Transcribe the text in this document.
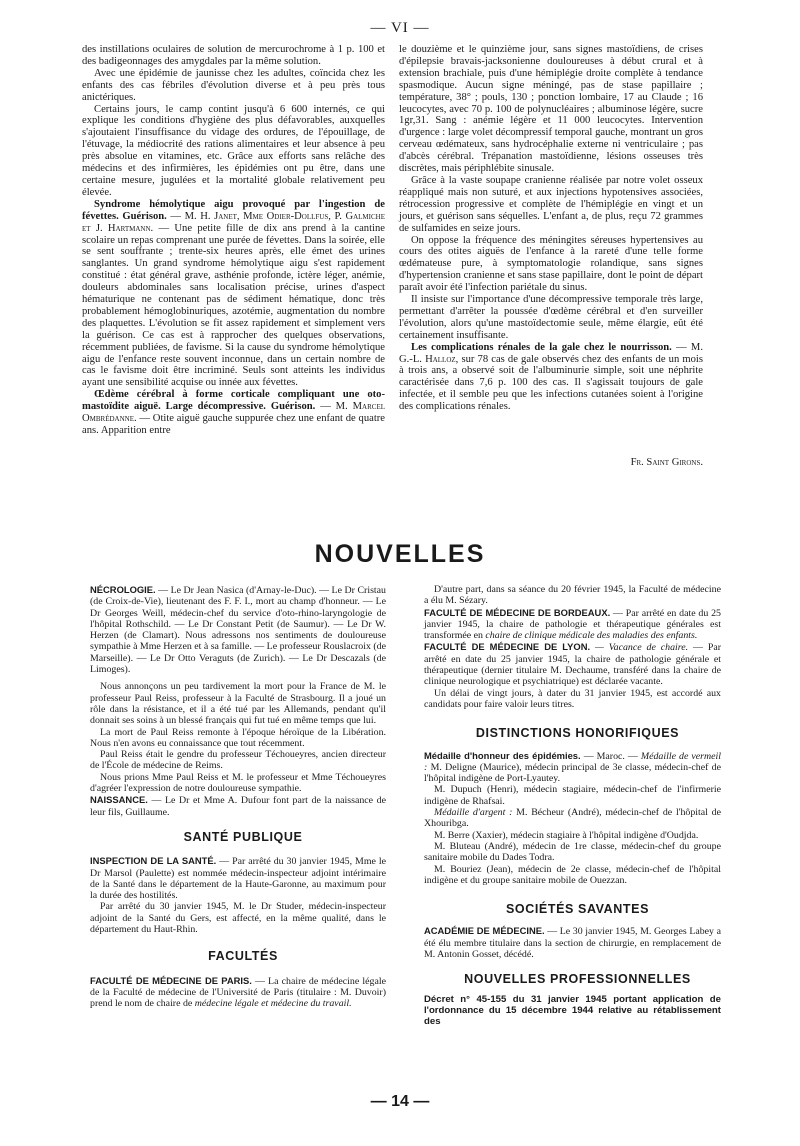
— VI —

des instillations oculaires de solution de mercurochrome à 1 p. 100 et des badigeonnages des amygdales par la même solution.

Avec une épidémie de jaunisse chez les adultes, coïncida chez les enfants des cas fébriles d'évolution diverse et à peu près tous anictériques.

Certains jours, le camp contint jusqu'à 6 600 internés, ce qui explique les conditions d'hygiène des plus défavorables, auxquelles s'ajoutaient l'insuffisance du vidage des ordures, de l'épouillage, de l'étuvage, la médiocrité des rations alimentaires et leur absence à peu près absolue en vitamines, etc. Grâce aux efforts sans relâche des médecins et des infirmières, les épidémies ont pu être, dans une certaine mesure, jugulées et la mortalité globale relativement peu élevée.

Syndrome hémolytique aigu provoqué par l'ingestion de févettes. Guérison. — M. H. Janet, Mme Odier-Dollfus, P. Galmiche et J. Hartmann. — Une petite fille de dix ans prend à la cantine scolaire un repas comprenant une purée de févettes. Dans la soirée, elle se sent souffrante ; trente-six heures après, elle émet des urines sanglantes. Un grand syndrome hémolytique aigu s'est rapidement constitué : état général grave, asthénie profonde, ictère léger, anémie, douleurs abdominales sans localisation précise, urines d'aspect hématurique ne contenant pas de sédiment hématique, donc très probablement hémoglobinuriques, azotémie, augmentation du nombre des plaquettes. L'évolution se fit assez rapidement et simplement vers la guérison. Ce cas est à rapprocher des quelques observations, récemment publiées, de favisme. Si la cause du syndrome hémolytique aigu de l'enfance reste souvent inconnue, dans un certain nombre de cas le favisme doit être incriminé. Seuls sont atteints les individus ayant une sensibilité acquise ou innée aux févettes.

Œdème cérébral à forme corticale compliquant une oto-mastoïdite aiguë. Large décompressive. Guérison. — M. Marcel Ombrédanne. — Otite aiguë gauche suppurée chez une enfant de quatre ans. Apparition entre

le douzième et le quinzième jour, sans signes mastoïdiens, de crises d'épilepsie bravais-jacksonienne douloureuses à début crural et à extension brachiale, puis d'une hémiplégie droite complète à tendance spasmodique. Aucun signe méningé, pas de stase papillaire ; température, 38° ; pouls, 130 ; ponction lombaire, 17 au Claude ; 16 leucocytes, avec 70 p. 100 de polynucléaires ; albuminose légère, sucre 1gr,31. Sang : anémie légère et 11 000 leucocytes. Intervention d'urgence : large volet décompressif temporal gauche, montrant un gros cerveau œdémateux, sans hydrocéphalie externe ni ventriculaire ; pas d'abcès cérébral. Trépanation mastoïdienne, lésions osseuses très discrètes, mais périphlébite sinusale.

Grâce à la vaste soupape cranienne réalisée par notre volet osseux réappliqué mais non suturé, et aux injections hypotensives associées, rétrocession progressive et complète de l'hémiplégie en vingt et un jours, et guérison sans séquelles. L'enfant a, de plus, reçu 72 grammes de sulfamides en seize jours.

On oppose la fréquence des méningites séreuses hypertensives au cours des otites aiguës de l'enfance à la rareté d'une telle forme œdémateuse pure, à symptomatologie rolandique, sans signes d'hypertension cranienne et sans stase papillaire, dont le point de départ paraît avoir été l'infection pariétale du sinus.

Il insiste sur l'importance d'une décompressive temporale très large, permettant d'arrêter la poussée d'œdème cérébral et d'en surveiller l'évolution, alors qu'une mastoïdectomie seule, même élargie, eût été certainement insuffisante.

Les complications rénales de la gale chez le nourrisson. — M. G.-L. Halloz, sur 78 cas de gale observés chez des enfants de un mois à trois ans, a observé soit de l'albuminurie simple, soit une néphrite caractérisée dans 7,6 p. 100 des cas. Il s'agissait toujours de gale infectée, et il semble peu que les infections cutanées soient à l'origine des complications rénales.

Fr. Saint Girons.
NOUVELLES

NÉCROLOGIE. — Le Dr Jean Nasica (d'Arnay-le-Duc). — Le Dr Cristau (de Croix-de-Vie), lieutenant des F. F. I., mort au champ d'honneur. — Le Dr Georges Weill, médecin-chef du service d'oto-rhino-laryngologie de l'hôpital Rothschild. — Le Dr Constant Petit (de Saumur). — Le Dr W. Herzen (de Clamart). Nous adressons nos sentiments de douloureuse sympathie à Mme Herzen et à sa famille. — Le professeur Rouslacroix (de Marseille). — Le Dr Otto Veraguts (de Zurich). — Le Dr Descazals (de Limoges).

Nous annonçons un peu tardivement la mort pour la France de M. le professeur Paul Reiss, professeur à la Faculté de Strasbourg. Il a joué un rôle dans la résistance, et il a été tué par les Allemands, pendant qu'il donnait ses soins à un blessé français qui fut tué en même temps que lui.

La mort de Paul Reiss remonte à l'époque héroïque de la Libération. Nous n'en avons eu connaissance que tout récemment.

Paul Reiss était le gendre du professeur Téchoueyres, ancien directeur de l'École de médecine de Reims.

Nous prions Mme Paul Reiss et M. le professeur et Mme Téchoueyres d'agréer l'expression de notre douloureuse sympathie.

NAISSANCE. — Le Dr et Mme A. Dufour font part de la naissance de leur fils, Guillaume.

SANTÉ PUBLIQUE

INSPECTION DE LA SANTÉ. — Par arrêté du 30 janvier 1945, Mme le Dr Marsol (Paulette) est nommée médecin-inspecteur adjoint intérimaire de la Santé dans le département de la Haute-Garonne, au maximum pour la durée des hostilités.

Par arrêté du 30 janvier 1945, M. le Dr Studer, médecin-inspecteur adjoint de la Santé du Gers, est affecté, en la même qualité, dans le département du Haut-Rhin.

FACULTÉS

FACULTÉ DE MÉDECINE DE PARIS. — La chaire de médecine légale de la Faculté de médecine de l'Université de Paris (titulaire : M. Duvoir) prend le nom de chaire de médecine légale et médecine du travail.

D'autre part, dans sa séance du 20 février 1945, la Faculté de médecine a élu M. Sézary.

FACULTÉ DE MÉDECINE DE BORDEAUX. — Par arrêté en date du 25 janvier 1945, la chaire de pathologie et thérapeutique générales est transformée en chaire de clinique médicale des maladies des enfants.

FACULTÉ DE MÉDECINE DE LYON. — Vacance de chaire. — Par arrêté en date du 25 janvier 1945, la chaire de pathologie générale et thérapeutique (dernier titulaire M. Dechaume, transféré dans la chaire de clinique neurologique et psychiatrique) est déclarée vacante.

Un délai de vingt jours, à dater du 31 janvier 1945, est accordé aux candidats pour faire valoir leurs titres.

DISTINCTIONS HONORIFIQUES

Médaille d'honneur des épidémies. — Maroc. — Médaille de vermeil : M. Deligne (Maurice), médecin principal de 3e classe, médecin-chef de l'hôpital indigène de Port-Lyautey.

M. Dupuch (Henri), médecin stagiaire, médecin-chef de l'infirmerie indigène de Rhafsai.

Médaille d'argent : M. Bécheur (André), médecin-chef de l'hôpital de Xhouribga.

M. Berre (Xaxier), médecin stagiaire à l'hôpital indigène d'Oudjda.

M. Bluteau (André), médecin de 1re classe, médecin-chef du groupe sanitaire mobile du Dades Todra.

M. Bouriez (Jean), médecin de 2e classe, médecin-chef de l'hôpital indigène et du groupe sanitaire mobile de Ouezzan.

SOCIÉTÉS SAVANTES

ACADÉMIE DE MÉDECINE. — Le 30 janvier 1945, M. Georges Labey a été élu membre titulaire dans la section de chirurgie, en remplacement de M. Antonin Gosset, décédé.

NOUVELLES PROFESSIONNELLES

Décret n° 45-155 du 31 janvier 1945 portant application de l'ordonnance du 15 décembre 1944 relative au rétablissement des

— 14 —
